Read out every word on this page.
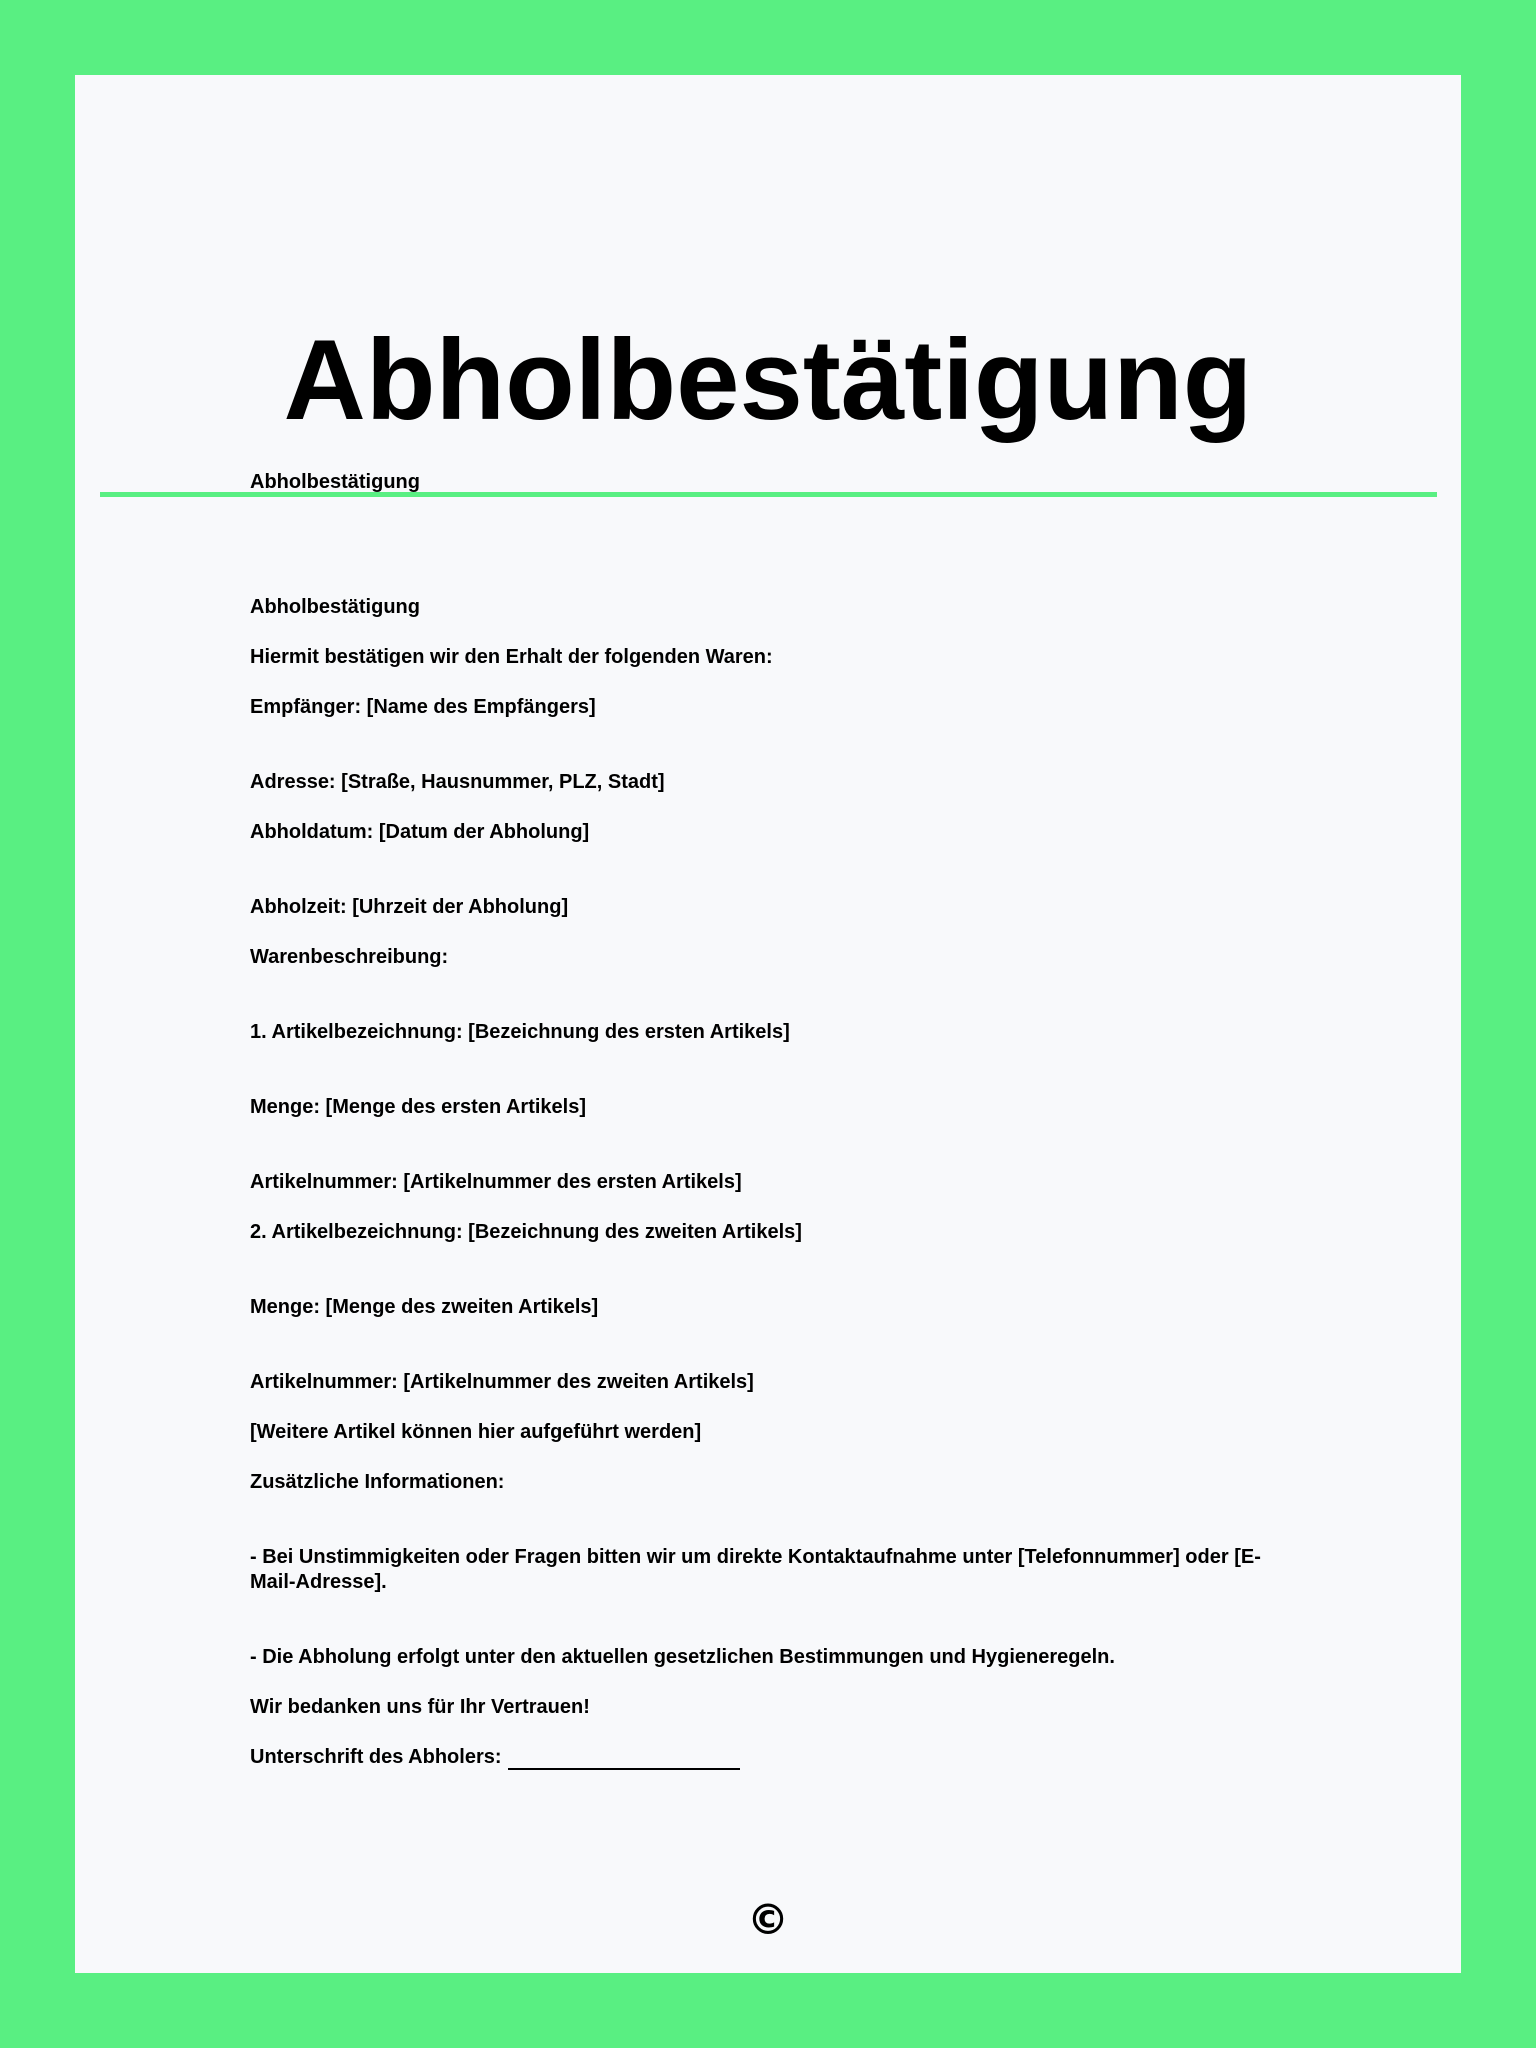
Abholbestätigung

Abholbestätigung

Abholbestätigung

Hiermit bestätigen wir den Erhalt der folgenden Waren:

Empfänger: [Name des Empfängers]

Adresse: [Straße, Hausnummer, PLZ, Stadt]

Abholdatum: [Datum der Abholung]

Abholzeit: [Uhrzeit der Abholung]

Warenbeschreibung:

1. Artikelbezeichnung: [Bezeichnung des ersten Artikels]

Menge: [Menge des ersten Artikels]

Artikelnummer: [Artikelnummer des ersten Artikels]

2. Artikelbezeichnung: [Bezeichnung des zweiten Artikels]

Menge: [Menge des zweiten Artikels]

Artikelnummer: [Artikelnummer des zweiten Artikels]

[Weitere Artikel können hier aufgeführt werden]

Zusätzliche Informationen:

- Bei Unstimmigkeiten oder Fragen bitten wir um direkte Kontaktaufnahme unter [Telefonnummer] oder [E-Mail-Adresse].

- Die Abholung erfolgt unter den aktuellen gesetzlichen Bestimmungen und Hygieneregeln.

Wir bedanken uns für Ihr Vertrauen!

Unterschrift des Abholers:

©
